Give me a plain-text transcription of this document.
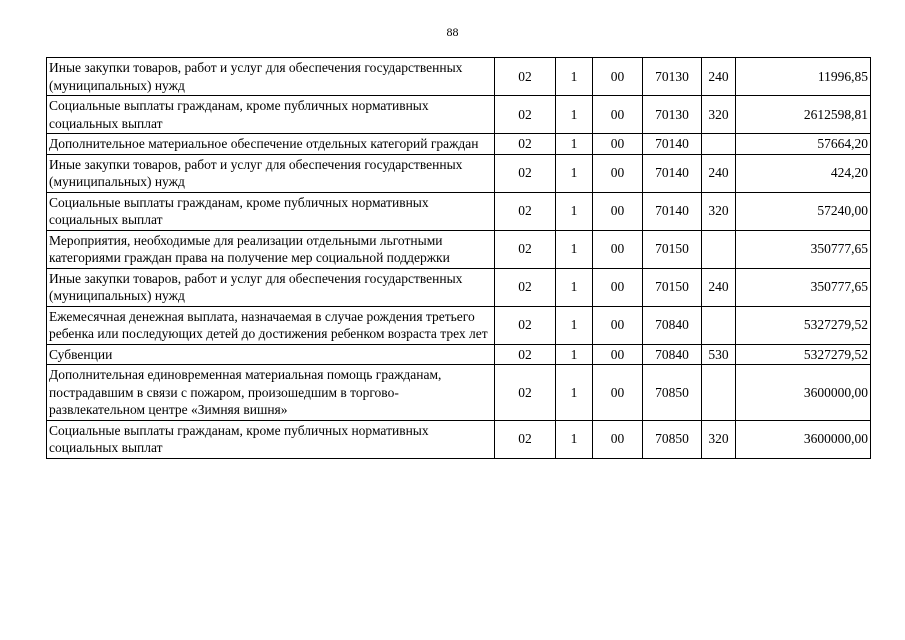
88
Иные закупки товаров, работ и услуг для обеспечения государственных (муниципальных) нужд	02	1	00	70130	240	11996,85
Социальные выплаты гражданам, кроме публичных нормативных социальных выплат	02	1	00	70130	320	2612598,81
Дополнительное материальное обеспечение отдельных категорий граждан	02	1	00	70140		57664,20
Иные закупки товаров, работ и услуг для обеспечения государственных (муниципальных) нужд	02	1	00	70140	240	424,20
Социальные выплаты гражданам, кроме публичных нормативных социальных выплат	02	1	00	70140	320	57240,00
Мероприятия, необходимые для реализации отдельными льготными категориями граждан права на получение мер социальной поддержки	02	1	00	70150		350777,65
Иные закупки товаров, работ и услуг для обеспечения государственных (муниципальных) нужд	02	1	00	70150	240	350777,65
Ежемесячная денежная выплата, назначаемая в случае рождения третьего ребенка или последующих детей до достижения ребенком возраста трех лет	02	1	00	70840		5327279,52
Субвенции	02	1	00	70840	530	5327279,52
Дополнительная единовременная материальная помощь гражданам, пострадавшим в связи с пожаром, произошедшим в торгово-развлекательном центре «Зимняя вишня»	02	1	00	70850		3600000,00
Социальные выплаты гражданам, кроме публичных нормативных социальных выплат	02	1	00	70850	320	3600000,00
